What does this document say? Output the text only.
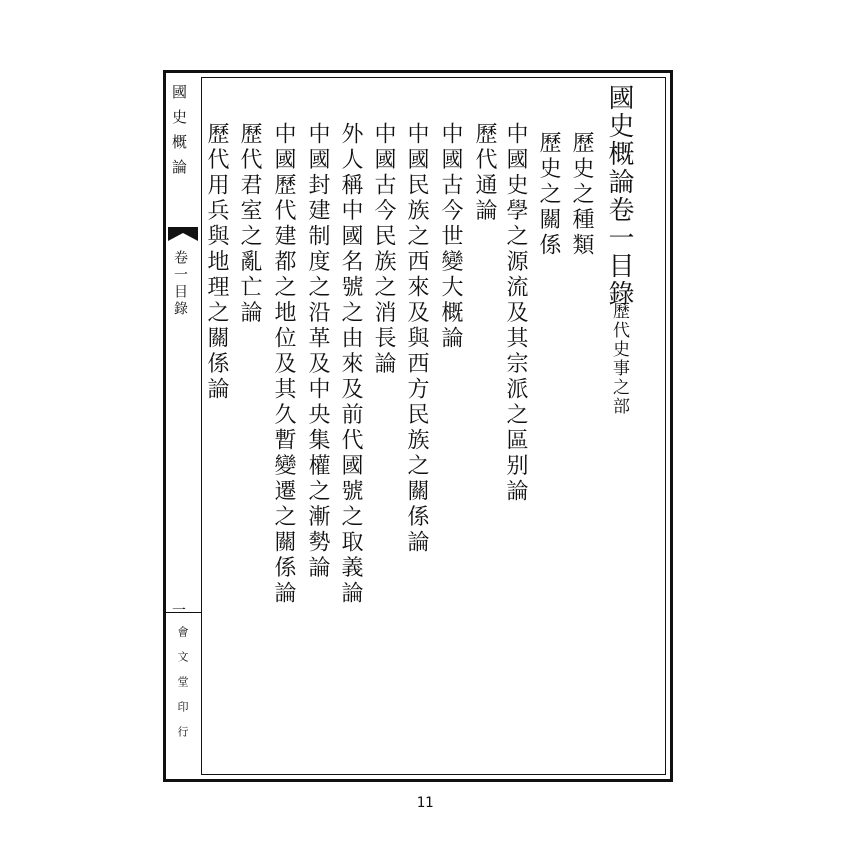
國史概論
卷一目錄
一
會文堂印行
國史概論卷一目錄
歷代史事之部
歷史之種類
歷史之關係
中國史學之源流及其宗派之區别論
歷代通論
中國古今世變大概論
中國民族之西來及與西方民族之關係論
中國古今民族之消長論
外人稱中國名號之由來及前代國號之取義論
中國封建制度之沿革及中央集權之漸勢論
中國歷代建都之地位及其久暫變遷之關係論
歷代君室之亂亡論
歷代用兵與地理之關係論
11
